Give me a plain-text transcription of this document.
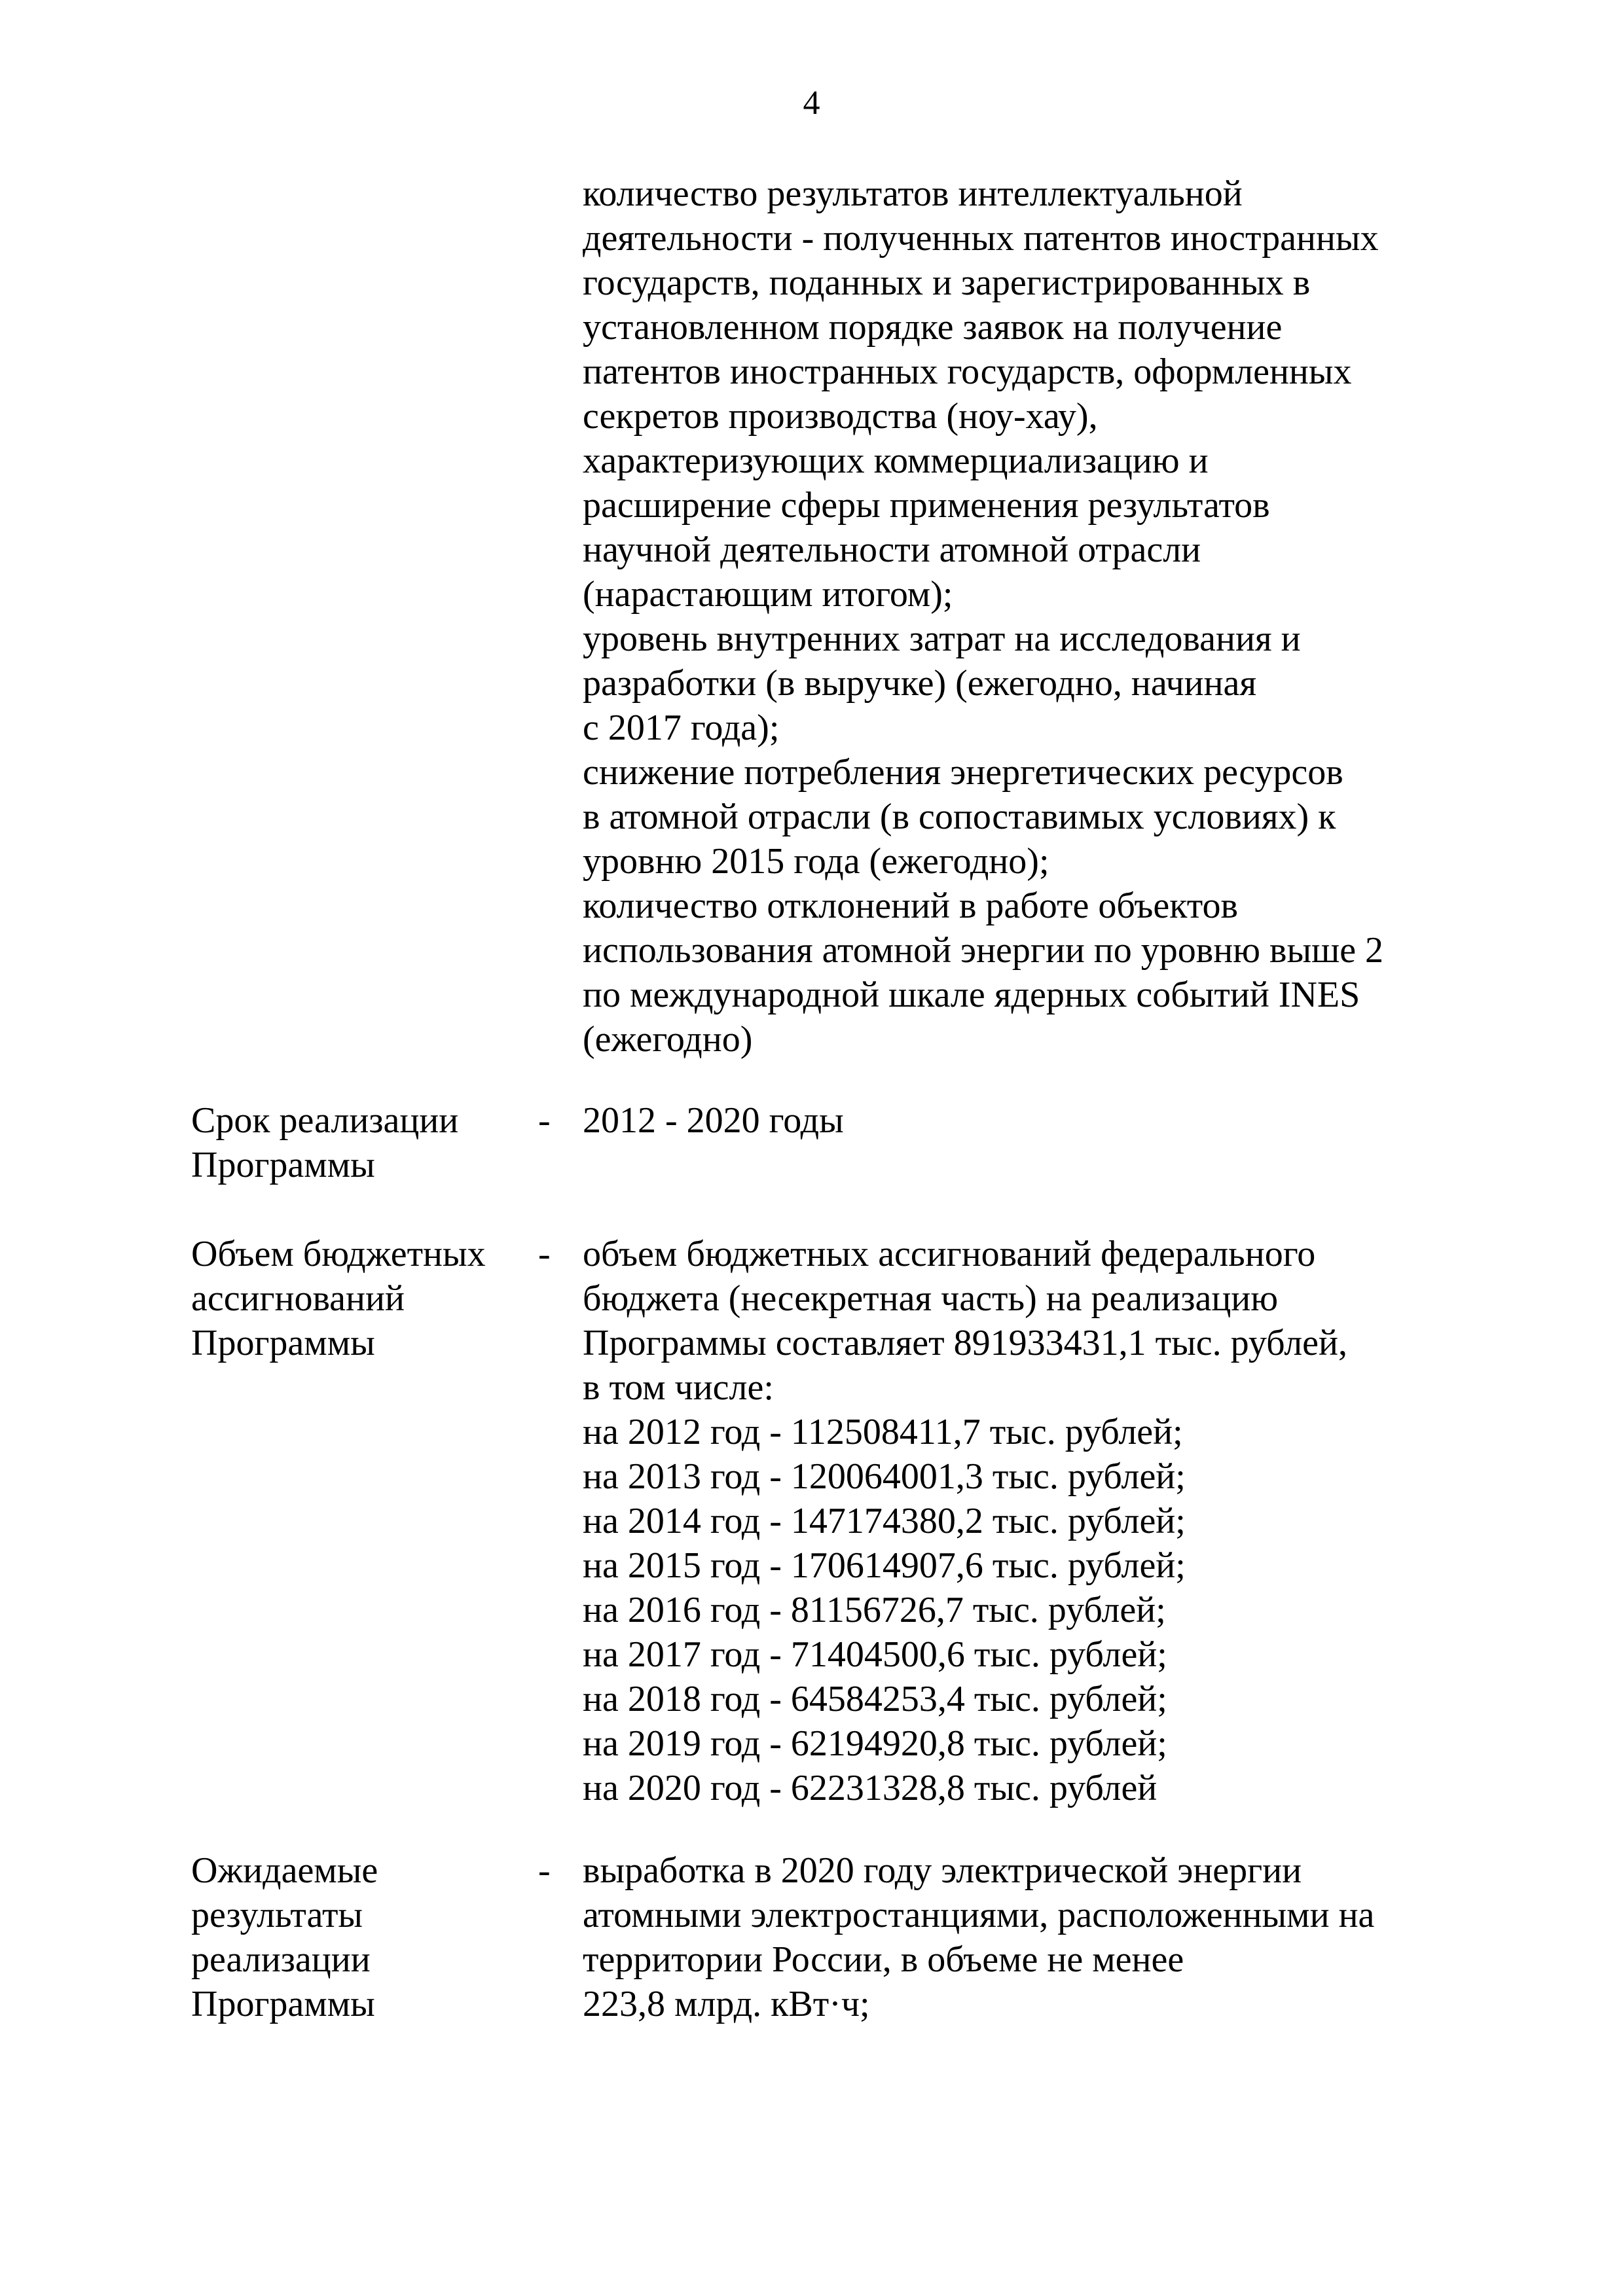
4
количество результатов интеллектуальной
деятельности - полученных патентов иностранных
государств, поданных и зарегистрированных в
установленном порядке заявок на получение
патентов иностранных государств, оформленных
секретов производства (ноу-хау),
характеризующих коммерциализацию и
расширение сферы применения результатов
научной деятельности атомной отрасли
(нарастающим итогом);
уровень внутренних затрат на исследования и
разработки (в выручке) (ежегодно, начиная
с 2017 года);
снижение потребления энергетических ресурсов
в атомной отрасли (в сопоставимых условиях) к
уровню 2015 года (ежегодно);
количество отклонений в работе объектов
использования атомной энергии по уровню выше 2
по международной шкале ядерных событий INES
(ежегодно)
Срок реализации
Программы
- 2012 - 2020 годы
Объем бюджетных
ассигнований
Программы
- объем бюджетных ассигнований федерального
бюджета (несекретная часть) на реализацию
Программы составляет 891933431,1 тыс. рублей,
в том числе:
на 2012 год - 112508411,7 тыс. рублей;
на 2013 год - 120064001,3 тыс. рублей;
на 2014 год - 147174380,2 тыс. рублей;
на 2015 год - 170614907,6 тыс. рублей;
на 2016 год - 81156726,7 тыс. рублей;
на 2017 год - 71404500,6 тыс. рублей;
на 2018 год - 64584253,4 тыс. рублей;
на 2019 год - 62194920,8 тыс. рублей;
на 2020 год - 62231328,8 тыс. рублей
Ожидаемые
результаты
реализации
Программы
- выработка в 2020 году электрической энергии
атомными электростанциями, расположенными на
территории России, в объеме не менее
223,8 млрд. кВт·ч;
